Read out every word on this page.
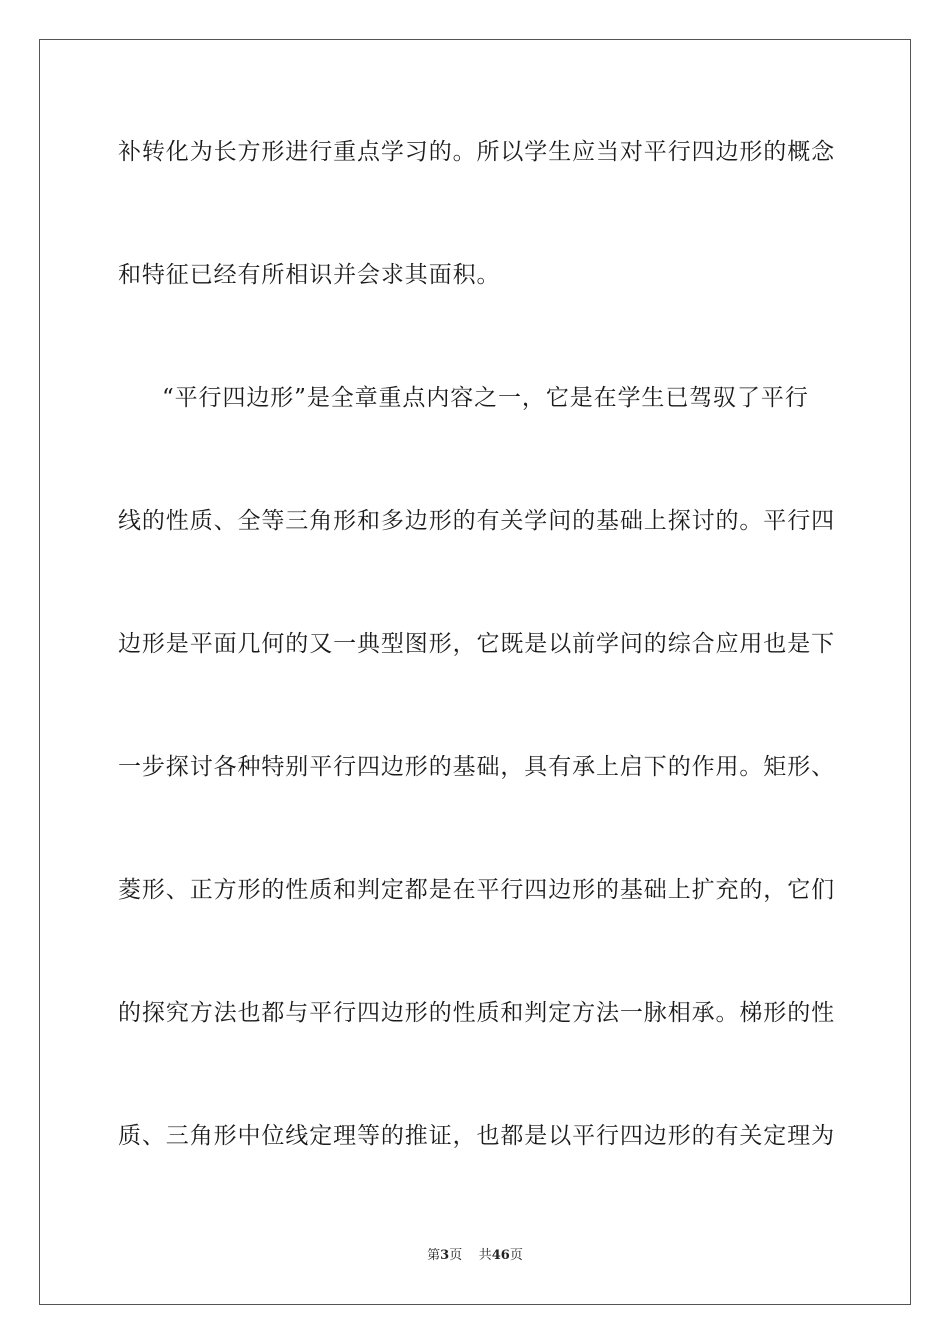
补转化为长方形进行重点学习的。所以学生应当对平行四边形的概念
和特征已经有所相识并会求其面积。
“平行四边形”是全章重点内容之一，它是在学生已驾驭了平行
线的性质、全等三角形和多边形的有关学问的基础上探讨的。平行四
边形是平面几何的又一典型图形，它既是以前学问的综合应用也是下
一步探讨各种特别平行四边形的基础，具有承上启下的作用。矩形、
菱形、正方形的性质和判定都是在平行四边形的基础上扩充的，它们
的探究方法也都与平行四边形的性质和判定方法一脉相承。梯形的性
质、三角形中位线定理等的推证，也都是以平行四边形的有关定理为
第3页 共46页
